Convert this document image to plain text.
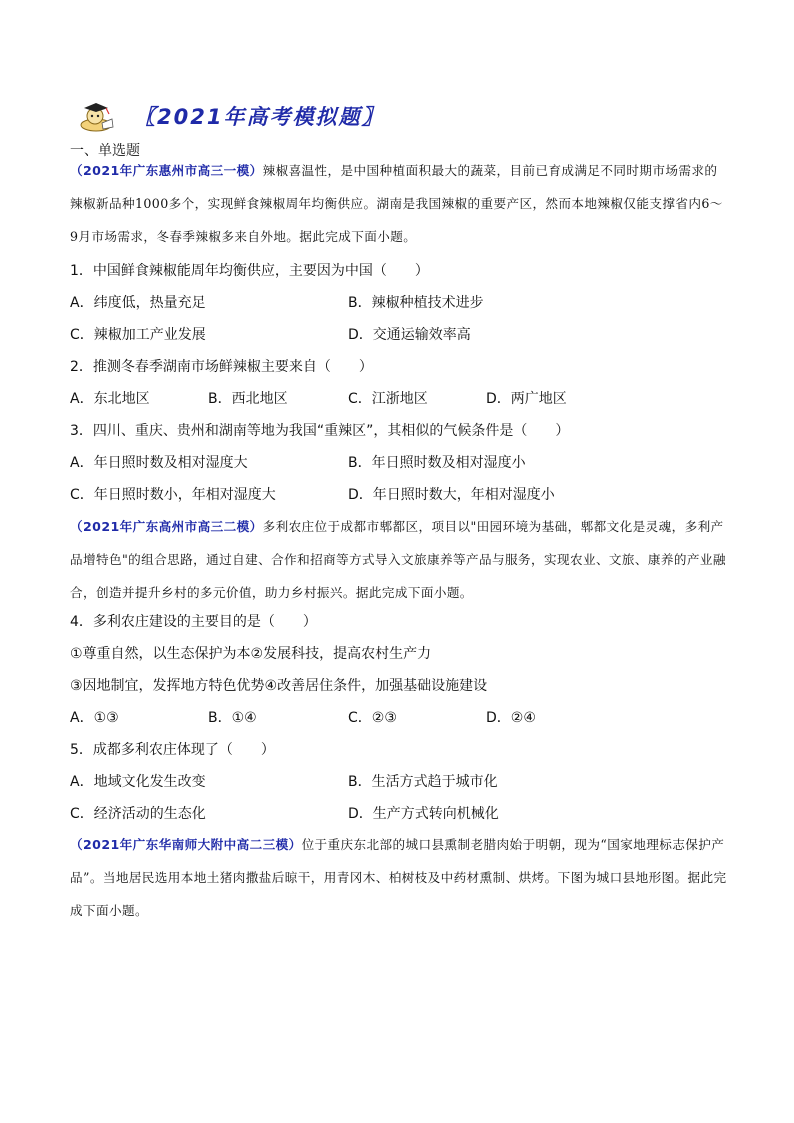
〖2021年高考模拟题〗
一、单选题
（2021年广东惠州市高三一模）辣椒喜温性，是中国种植面积最大的蔬菜，目前已育成满足不同时期市场需求的辣椒新品种1000多个，实现鲜食辣椒周年均衡供应。湖南是我国辣椒的重要产区，然而本地辣椒仅能支撑省内6～9月市场需求，冬春季辣椒多来自外地。据此完成下面小题。
1．中国鲜食辣椒能周年均衡供应，主要因为中国（　　）
A．纬度低，热量充足	B．辣椒种植技术进步
C．辣椒加工产业发展	D．交通运输效率高
2．推测冬春季湖南市场鲜辣椒主要来自（　　）
A．东北地区	B．西北地区	C．江浙地区	D．两广地区
3．四川、重庆、贵州和湖南等地为我国“重辣区”，其相似的气候条件是（　　）
A．年日照时数及相对湿度大	B．年日照时数及相对湿度小
C．年日照时数小，年相对湿度大	D．年日照时数大，年相对湿度小
（2021年广东高州市高三二模）多利农庄位于成都市郫都区，项目以"田园环境为基础，郫都文化是灵魂，多利产品增特色"的组合思路，通过自建、合作和招商等方式导入文旅康养等产品与服务，实现农业、文旅、康养的产业融合，创造并提升乡村的多元价值，助力乡村振兴。据此完成下面小题。
4．多利农庄建设的主要目的是（　　）
①尊重自然，以生态保护为本②发展科技，提高农村生产力
③因地制宜，发挥地方特色优势④改善居住条件，加强基础设施建设
A．①③	B．①④	C．②③	D．②④
5．成都多利农庄体现了（　　）
A．地域文化发生改变	B．生活方式趋于城市化
C．经济活动的生态化	D．生产方式转向机械化
（2021年广东华南师大附中高二三模）位于重庆东北部的城口县熏制老腊肉始于明朝，现为“国家地理标志保护产品”。当地居民选用本地土猪肉撒盐后晾干，用青冈木、柏树枝及中药材熏制、烘烤。下图为城口县地形图。据此完成下面小题。
